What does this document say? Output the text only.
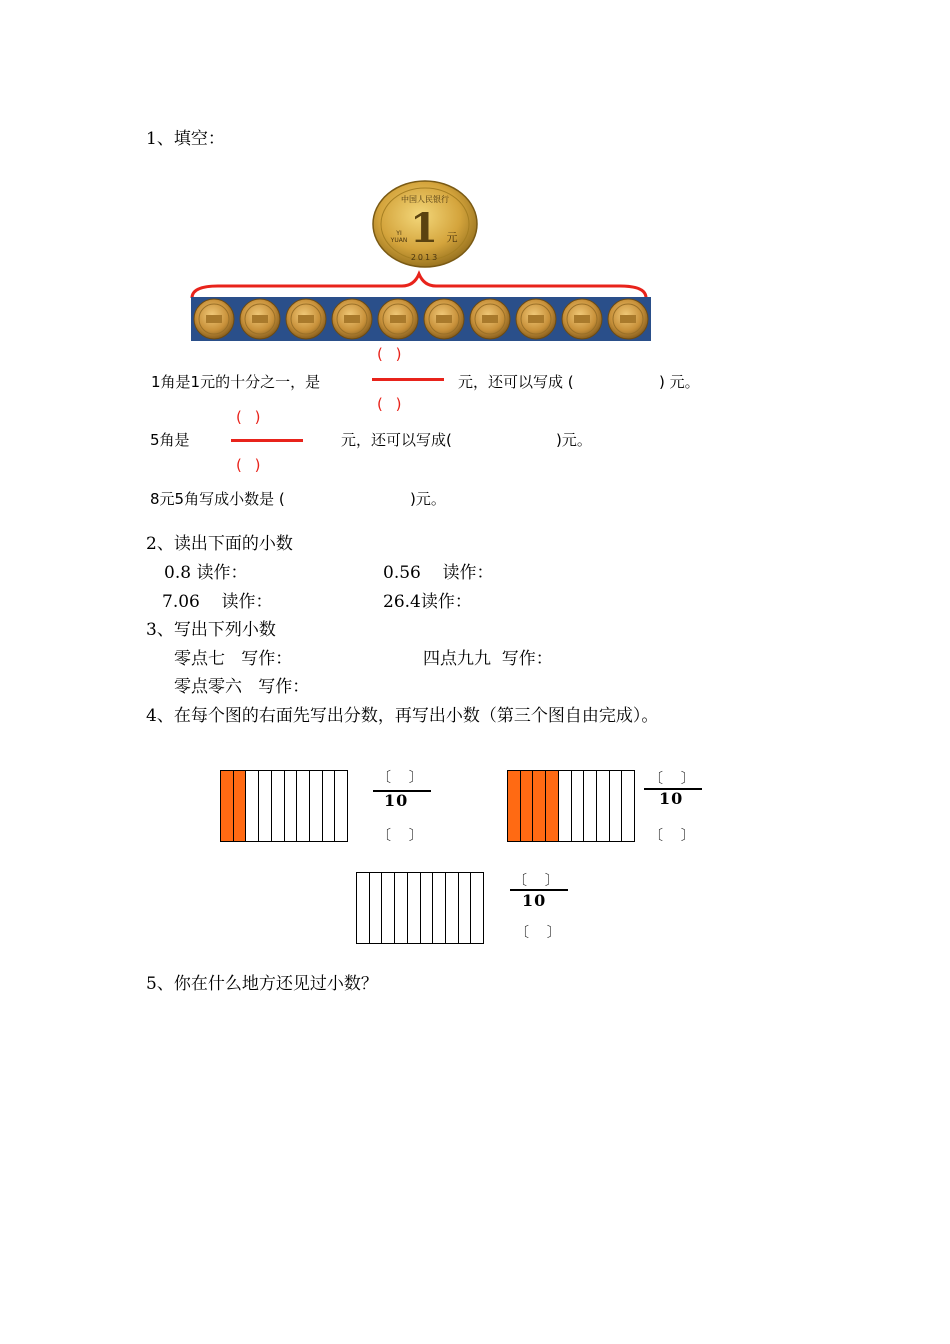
1、填空：
中国人民银行
1
YI
YUAN	元
2013
1角是1元的十分之一，是
( )
( )
元，还可以写成 (	) 元。
5角是
( )
( )
元，还可以写成(	)元。
8元5角写成小数是 (	)元。
2、读出下面的小数
0.8 读作：	0.56    读作：
7.06    读作：	26.4读作：
3、写出下列小数
零点七   写作：	四点九九  写作：
零点零六   写作：
4、在每个图的右面先写出分数，再写出小数（第三个图自由完成）。
〔    〕
10
〔    〕
〔    〕
10
〔    〕
〔    〕
10
〔    〕
5、你在什么地方还见过小数？
